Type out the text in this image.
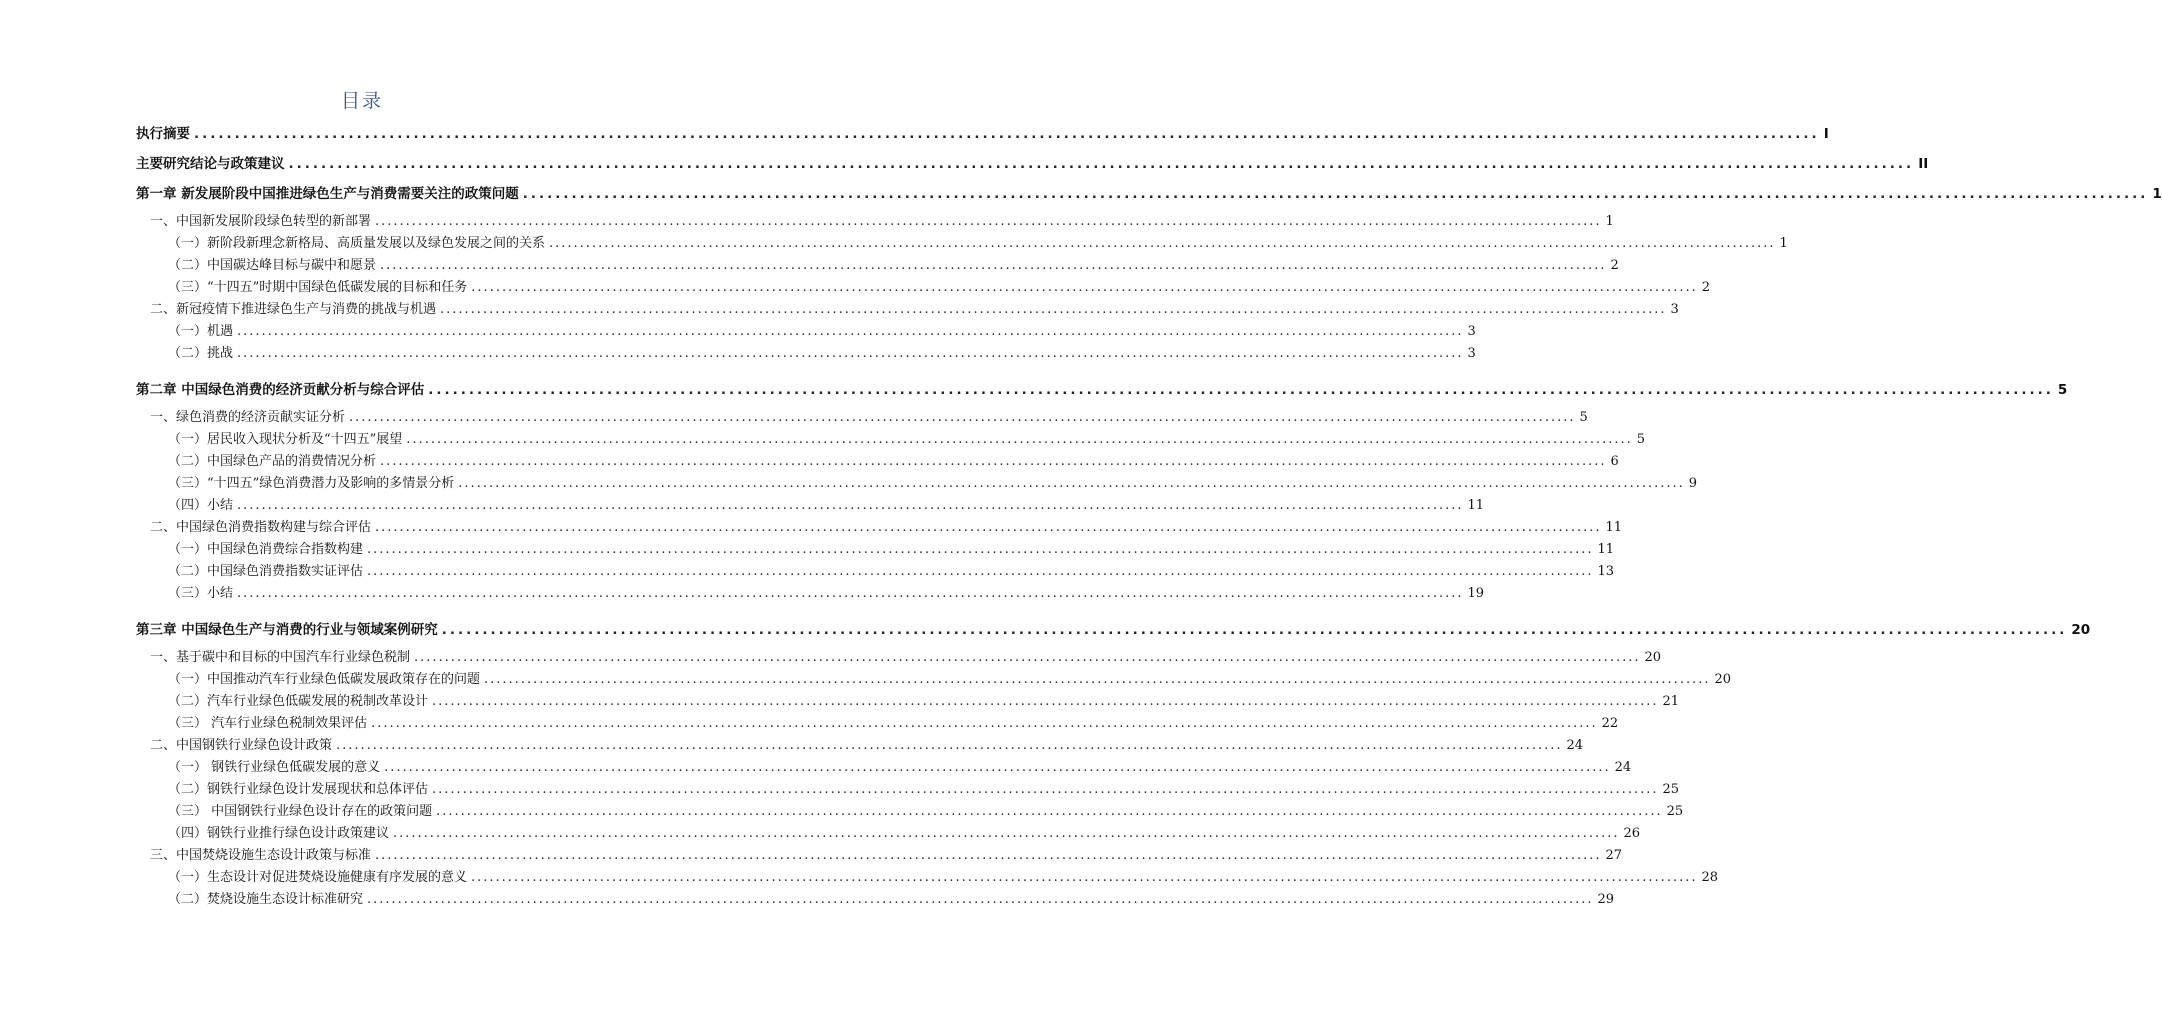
目录
执行摘要 ........................................................................................................................................................................................................ I
主要研究结论与政策建议 ........................................................................................................................................................................................................ II
第一章 新发展阶段中国推进绿色生产与消费需要关注的政策问题 ........................................................................................................................................................................................................ 1
一、中国新发展阶段绿色转型的新部署 ........................................................................................................................................................................................................ 1
（一）新阶段新理念新格局、高质量发展以及绿色发展之间的关系 ........................................................................................................................................................................................................ 1
（二）中国碳达峰目标与碳中和愿景 ........................................................................................................................................................................................................ 2
（三）“十四五”时期中国绿色低碳发展的目标和任务 ........................................................................................................................................................................................................ 2
二、新冠疫情下推进绿色生产与消费的挑战与机遇 ........................................................................................................................................................................................................ 3
（一）机遇 ........................................................................................................................................................................................................ 3
（二）挑战 ........................................................................................................................................................................................................ 3
第二章 中国绿色消费的经济贡献分析与综合评估 ........................................................................................................................................................................................................ 5
一、绿色消费的经济贡献实证分析 ........................................................................................................................................................................................................ 5
（一）居民收入现状分析及“十四五”展望 ........................................................................................................................................................................................................ 5
（二）中国绿色产品的消费情况分析 ........................................................................................................................................................................................................ 6
（三）“十四五”绿色消费潜力及影响的多情景分析 ........................................................................................................................................................................................................ 9
（四）小结 ........................................................................................................................................................................................................ 11
二、中国绿色消费指数构建与综合评估 ........................................................................................................................................................................................................ 11
（一）中国绿色消费综合指数构建 ........................................................................................................................................................................................................ 11
（二）中国绿色消费指数实证评估 ........................................................................................................................................................................................................ 13
（三）小结 ........................................................................................................................................................................................................ 19
第三章 中国绿色生产与消费的行业与领域案例研究 ........................................................................................................................................................................................................ 20
一、基于碳中和目标的中国汽车行业绿色税制 ........................................................................................................................................................................................................ 20
（一）中国推动汽车行业绿色低碳发展政策存在的问题 ........................................................................................................................................................................................................ 20
（二）汽车行业绿色低碳发展的税制改革设计 ........................................................................................................................................................................................................ 21
（三） 汽车行业绿色税制效果评估 ........................................................................................................................................................................................................ 22
二、中国钢铁行业绿色设计政策 ........................................................................................................................................................................................................ 24
（一） 钢铁行业绿色低碳发展的意义 ........................................................................................................................................................................................................ 24
（二）钢铁行业绿色设计发展现状和总体评估 ........................................................................................................................................................................................................ 25
（三） 中国钢铁行业绿色设计存在的政策问题 ........................................................................................................................................................................................................ 25
（四）钢铁行业推行绿色设计政策建议 ........................................................................................................................................................................................................ 26
三、中国焚烧设施生态设计政策与标准 ........................................................................................................................................................................................................ 27
（一）生态设计对促进焚烧设施健康有序发展的意义 ........................................................................................................................................................................................................ 28
（二）焚烧设施生态设计标准研究 ........................................................................................................................................................................................................ 29
